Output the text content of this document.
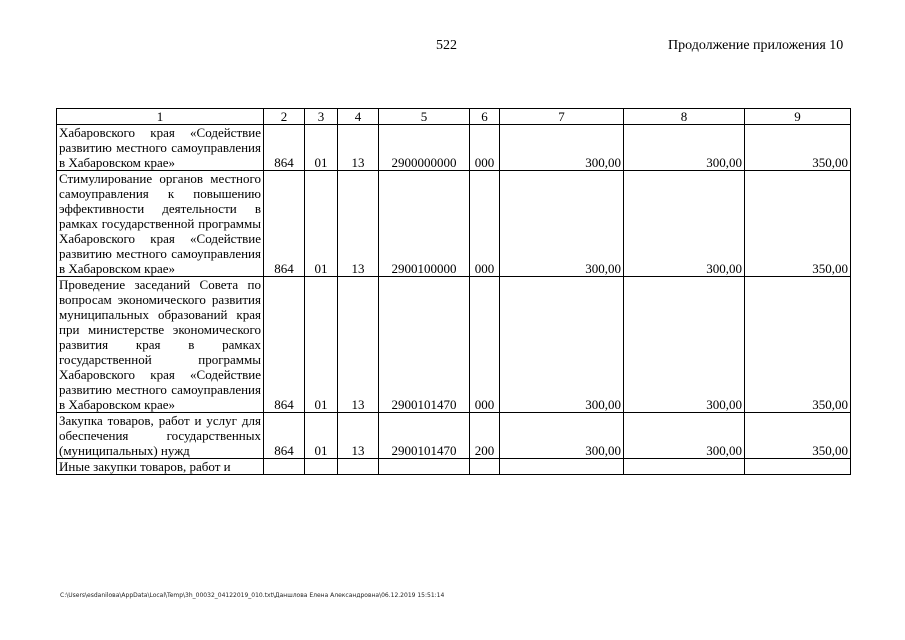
522	Продолжение приложения 10
1	2	3	4	5	6	7	8	9
Хабаровского края «Содействие развитию местного самоуправления в Хабаровском крае»	864	01	13	2900000000	000	300,00	300,00	350,00
Стимулирование органов местного самоуправления к повышению эффективности деятельности в рамках государственной программы Хабаровского края «Содействие развитию местного самоуправления в Хабаровском крае»	864	01	13	2900100000	000	300,00	300,00	350,00
Проведение заседаний Совета по вопросам экономического развития муниципальных образований края при министерстве экономического развития края в рамках государственной программы Хабаровского края «Содействие развитию местного самоуправления в Хабаровском крае»	864	01	13	2900101470	000	300,00	300,00	350,00
Закупка товаров, работ и услуг для обеспечения государственных (муниципальных) нужд	864	01	13	2900101470	200	300,00	300,00	350,00
Иные закупки товаров, работ и								
C:\Users\esdaniloва\AppData\Local\Temp\3h_00032_04122019_010.txt\Даншлова Елена Александровна\06.12.2019 15:51:14
